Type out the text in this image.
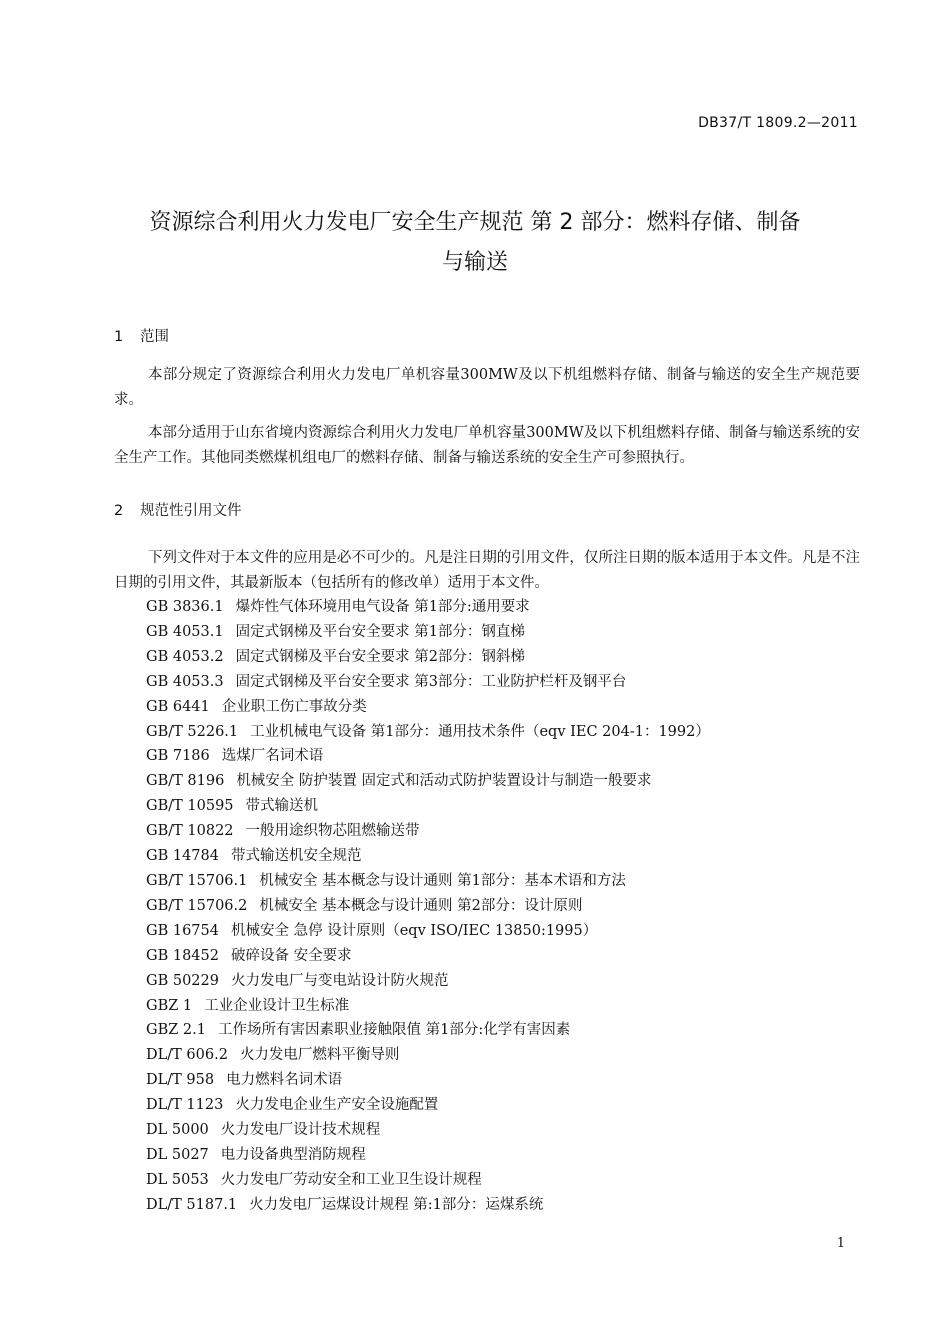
DB37/T 1809.2—2011
资源综合利用火力发电厂安全生产规范 第 2 部分：燃料存储、制备
与输送
1 范围

本部分规定了资源综合利用火力发电厂单机容量300MW及以下机组燃料存储、制备与输送的安全生产规范要求。

本部分适用于山东省境内资源综合利用火力发电厂单机容量300MW及以下机组燃料存储、制备与输送系统的安全生产工作。其他同类燃煤机组电厂的燃料存储、制备与输送系统的安全生产可参照执行。

2 规范性引用文件

下列文件对于本文件的应用是必不可少的。凡是注日期的引用文件，仅所注日期的版本适用于本文件。凡是不注日期的引用文件，其最新版本（包括所有的修改单）适用于本文件。

GB 3836.1 爆炸性气体环境用电气设备 第1部分:通用要求
GB 4053.1 固定式钢梯及平台安全要求 第1部分：钢直梯
GB 4053.2 固定式钢梯及平台安全要求 第2部分：钢斜梯
GB 4053.3 固定式钢梯及平台安全要求 第3部分：工业防护栏杆及钢平台
GB 6441 企业职工伤亡事故分类
GB/T 5226.1 工业机械电气设备 第1部分：通用技术条件（eqv IEC 204-1：1992）
GB 7186 选煤厂名词术语
GB/T 8196 机械安全 防护装置 固定式和活动式防护装置设计与制造一般要求
GB/T 10595 带式输送机
GB/T 10822 一般用途织物芯阻燃输送带
GB 14784 带式输送机安全规范
GB/T 15706.1 机械安全 基本概念与设计通则 第1部分：基本术语和方法
GB/T 15706.2 机械安全 基本概念与设计通则 第2部分：设计原则
GB 16754 机械安全 急停 设计原则（eqv ISO/IEC 13850:1995）
GB 18452 破碎设备 安全要求
GB 50229 火力发电厂与变电站设计防火规范
GBZ 1 工业企业设计卫生标准
GBZ 2.1 工作场所有害因素职业接触限值 第1部分:化学有害因素
DL/T 606.2 火力发电厂燃料平衡导则
DL/T 958 电力燃料名词术语
DL/T 1123 火力发电企业生产安全设施配置
DL 5000 火力发电厂设计技术规程
DL 5027 电力设备典型消防规程
DL 5053 火力发电厂劳动安全和工业卫生设计规程
DL/T 5187.1 火力发电厂运煤设计规程 第:1部分：运煤系统
1
